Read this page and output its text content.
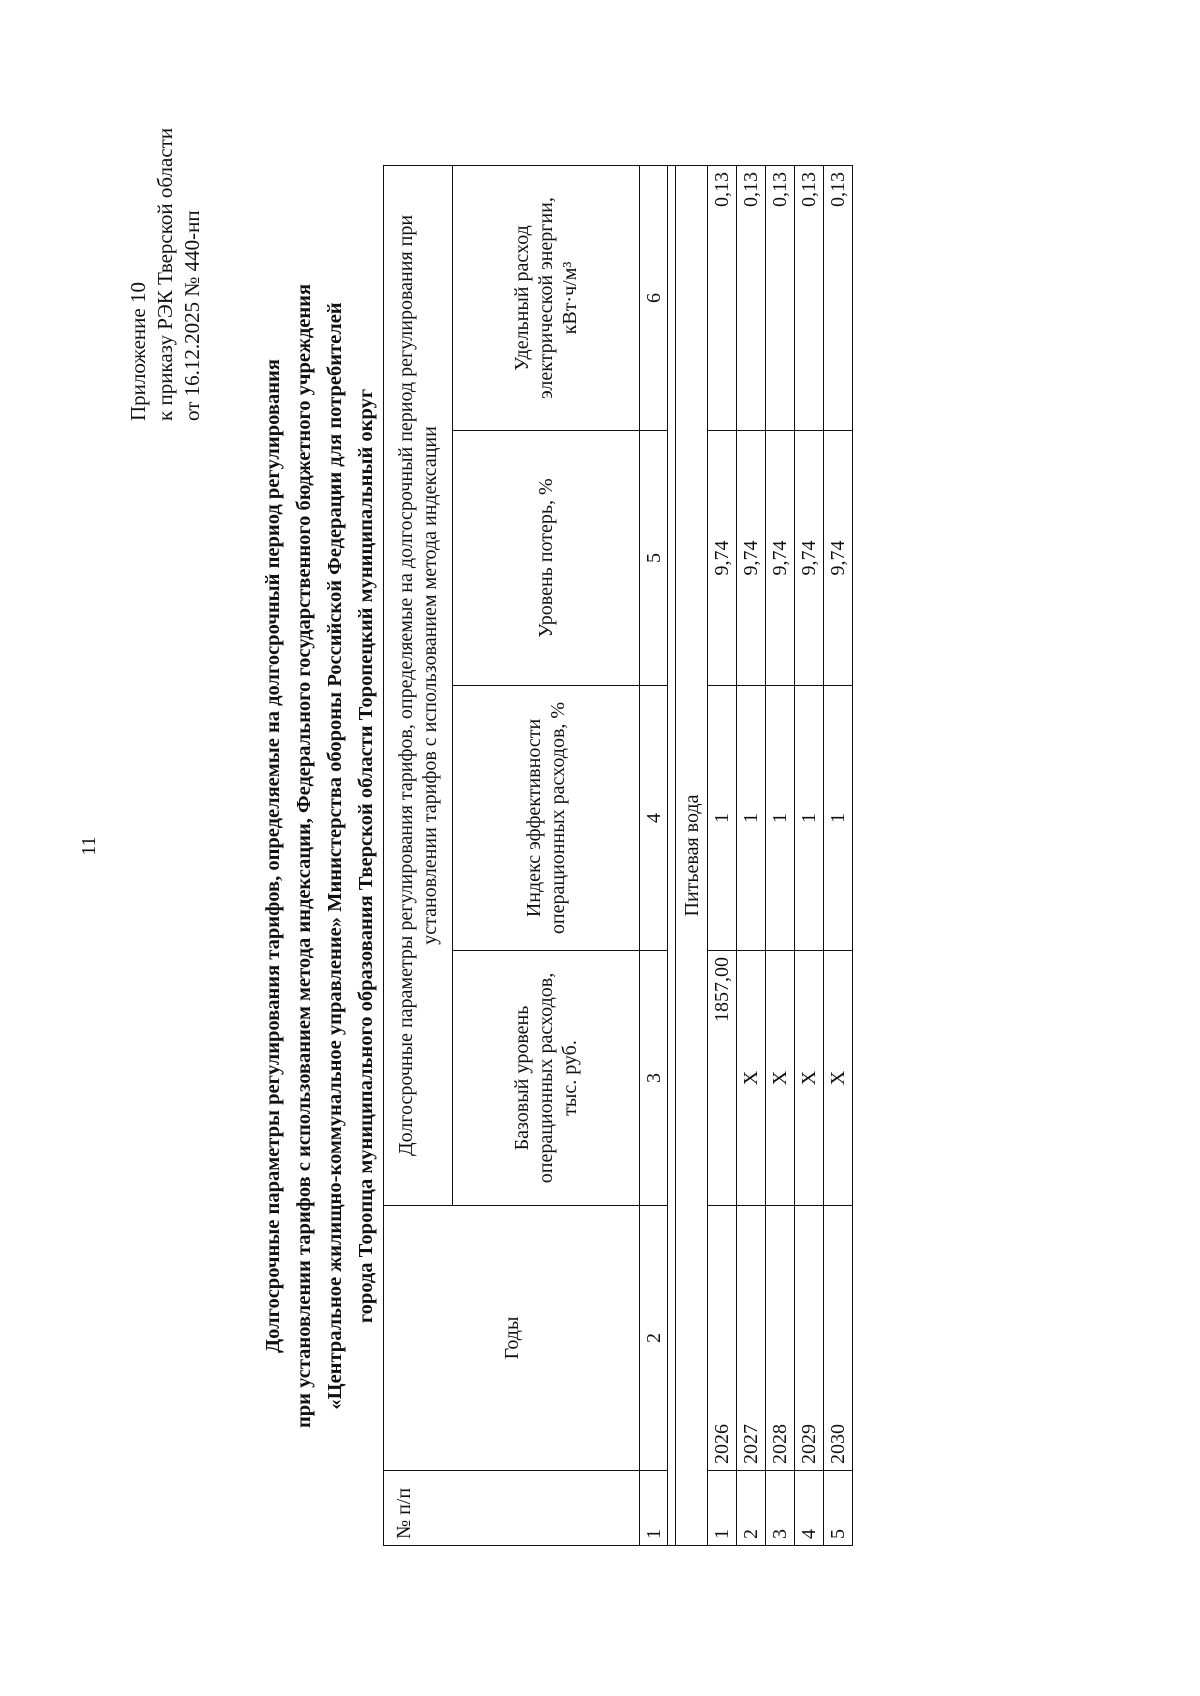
11
Приложение 10 к приказу РЭК Тверской области от 16.12.2025 № 440-нп
Долгосрочные параметры регулирования тарифов, определяемые на долгосрочный период регулирования при установлении тарифов с использованием метода индексации, Федерального государственного бюджетного учреждения «Центральное жилищно-коммунальное управление» Министерства обороны Российской Федерации для потребителей города Торопца муниципального образования Тверской области Торопецкий муниципальный округ
№ п/п	Годы	Долгосрочные параметры регулирования тарифов, определяемые на долгосрочный период регулирования при установлении тарифов с использованием метода индексации			
		Базовый уровень операционных расходов, тыс. руб.	Индекс эффективности операционных расходов, %	Уровень потерь, %	Удельный расход электрической энергии, кВт·ч/м³
1	2	3	4	5	6

Питьевая вода					
1	2026	1857,00	1	9,74	0,13
2	2027	X	1	9,74	0,13
3	2028	X	1	9,74	0,13
4	2029	X	1	9,74	0,13
5	2030	X	1	9,74	0,13
